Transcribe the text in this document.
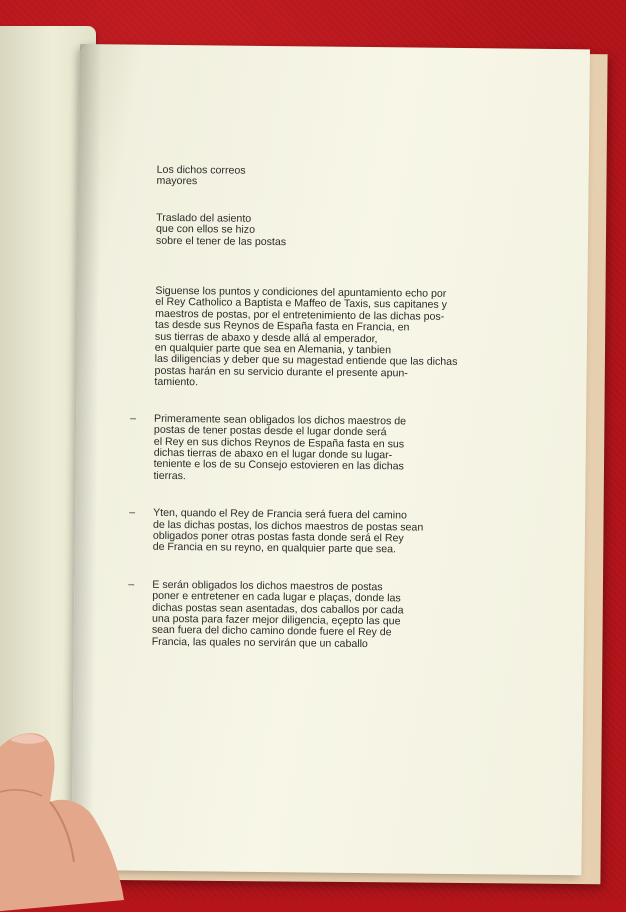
Los dichos correos
mayores

Traslado del asiento
que con ellos se hizo
sobre el tener de las postas

Siguense los puntos y condiciones del apuntamiento echo por
el Rey Catholico a Baptista e Maffeo de Taxis, sus capitanes y
maestros de postas, por el entretenimiento de las dichas pos-
tas desde sus Reynos de España fasta en Francia, en
sus tierras de abaxo y desde allá al emperador,
en qualquier parte que sea en Alemania, y tanbien
las diligencias y deber que su magestad entiende que las dichas
postas harán en su servicio durante el presente apun-
tamiento.

– Primeramente sean obligados los dichos maestros de
postas de tener postas desde el lugar donde será
el Rey en sus dichos Reynos de España fasta en sus
dichas tierras de abaxo en el lugar donde su lugar-
teniente e los de su Consejo estovieren en las dichas
tierras.

– Yten, quando el Rey de Francia será fuera del camino
de las dichas postas, los dichos maestros de postas sean
obligados poner otras postas fasta donde será el Rey
de Francia en su reyno, en qualquier parte que sea.

– E serán obligados los dichos maestros de postas
poner e entretener en cada lugar e plaças, donde las
dichas postas sean asentadas, dos caballos por cada
una posta para fazer mejor diligencia, eçepto las que
sean fuera del dicho camino donde fuere el Rey de
Francia, las quales no servirán que un caballo
